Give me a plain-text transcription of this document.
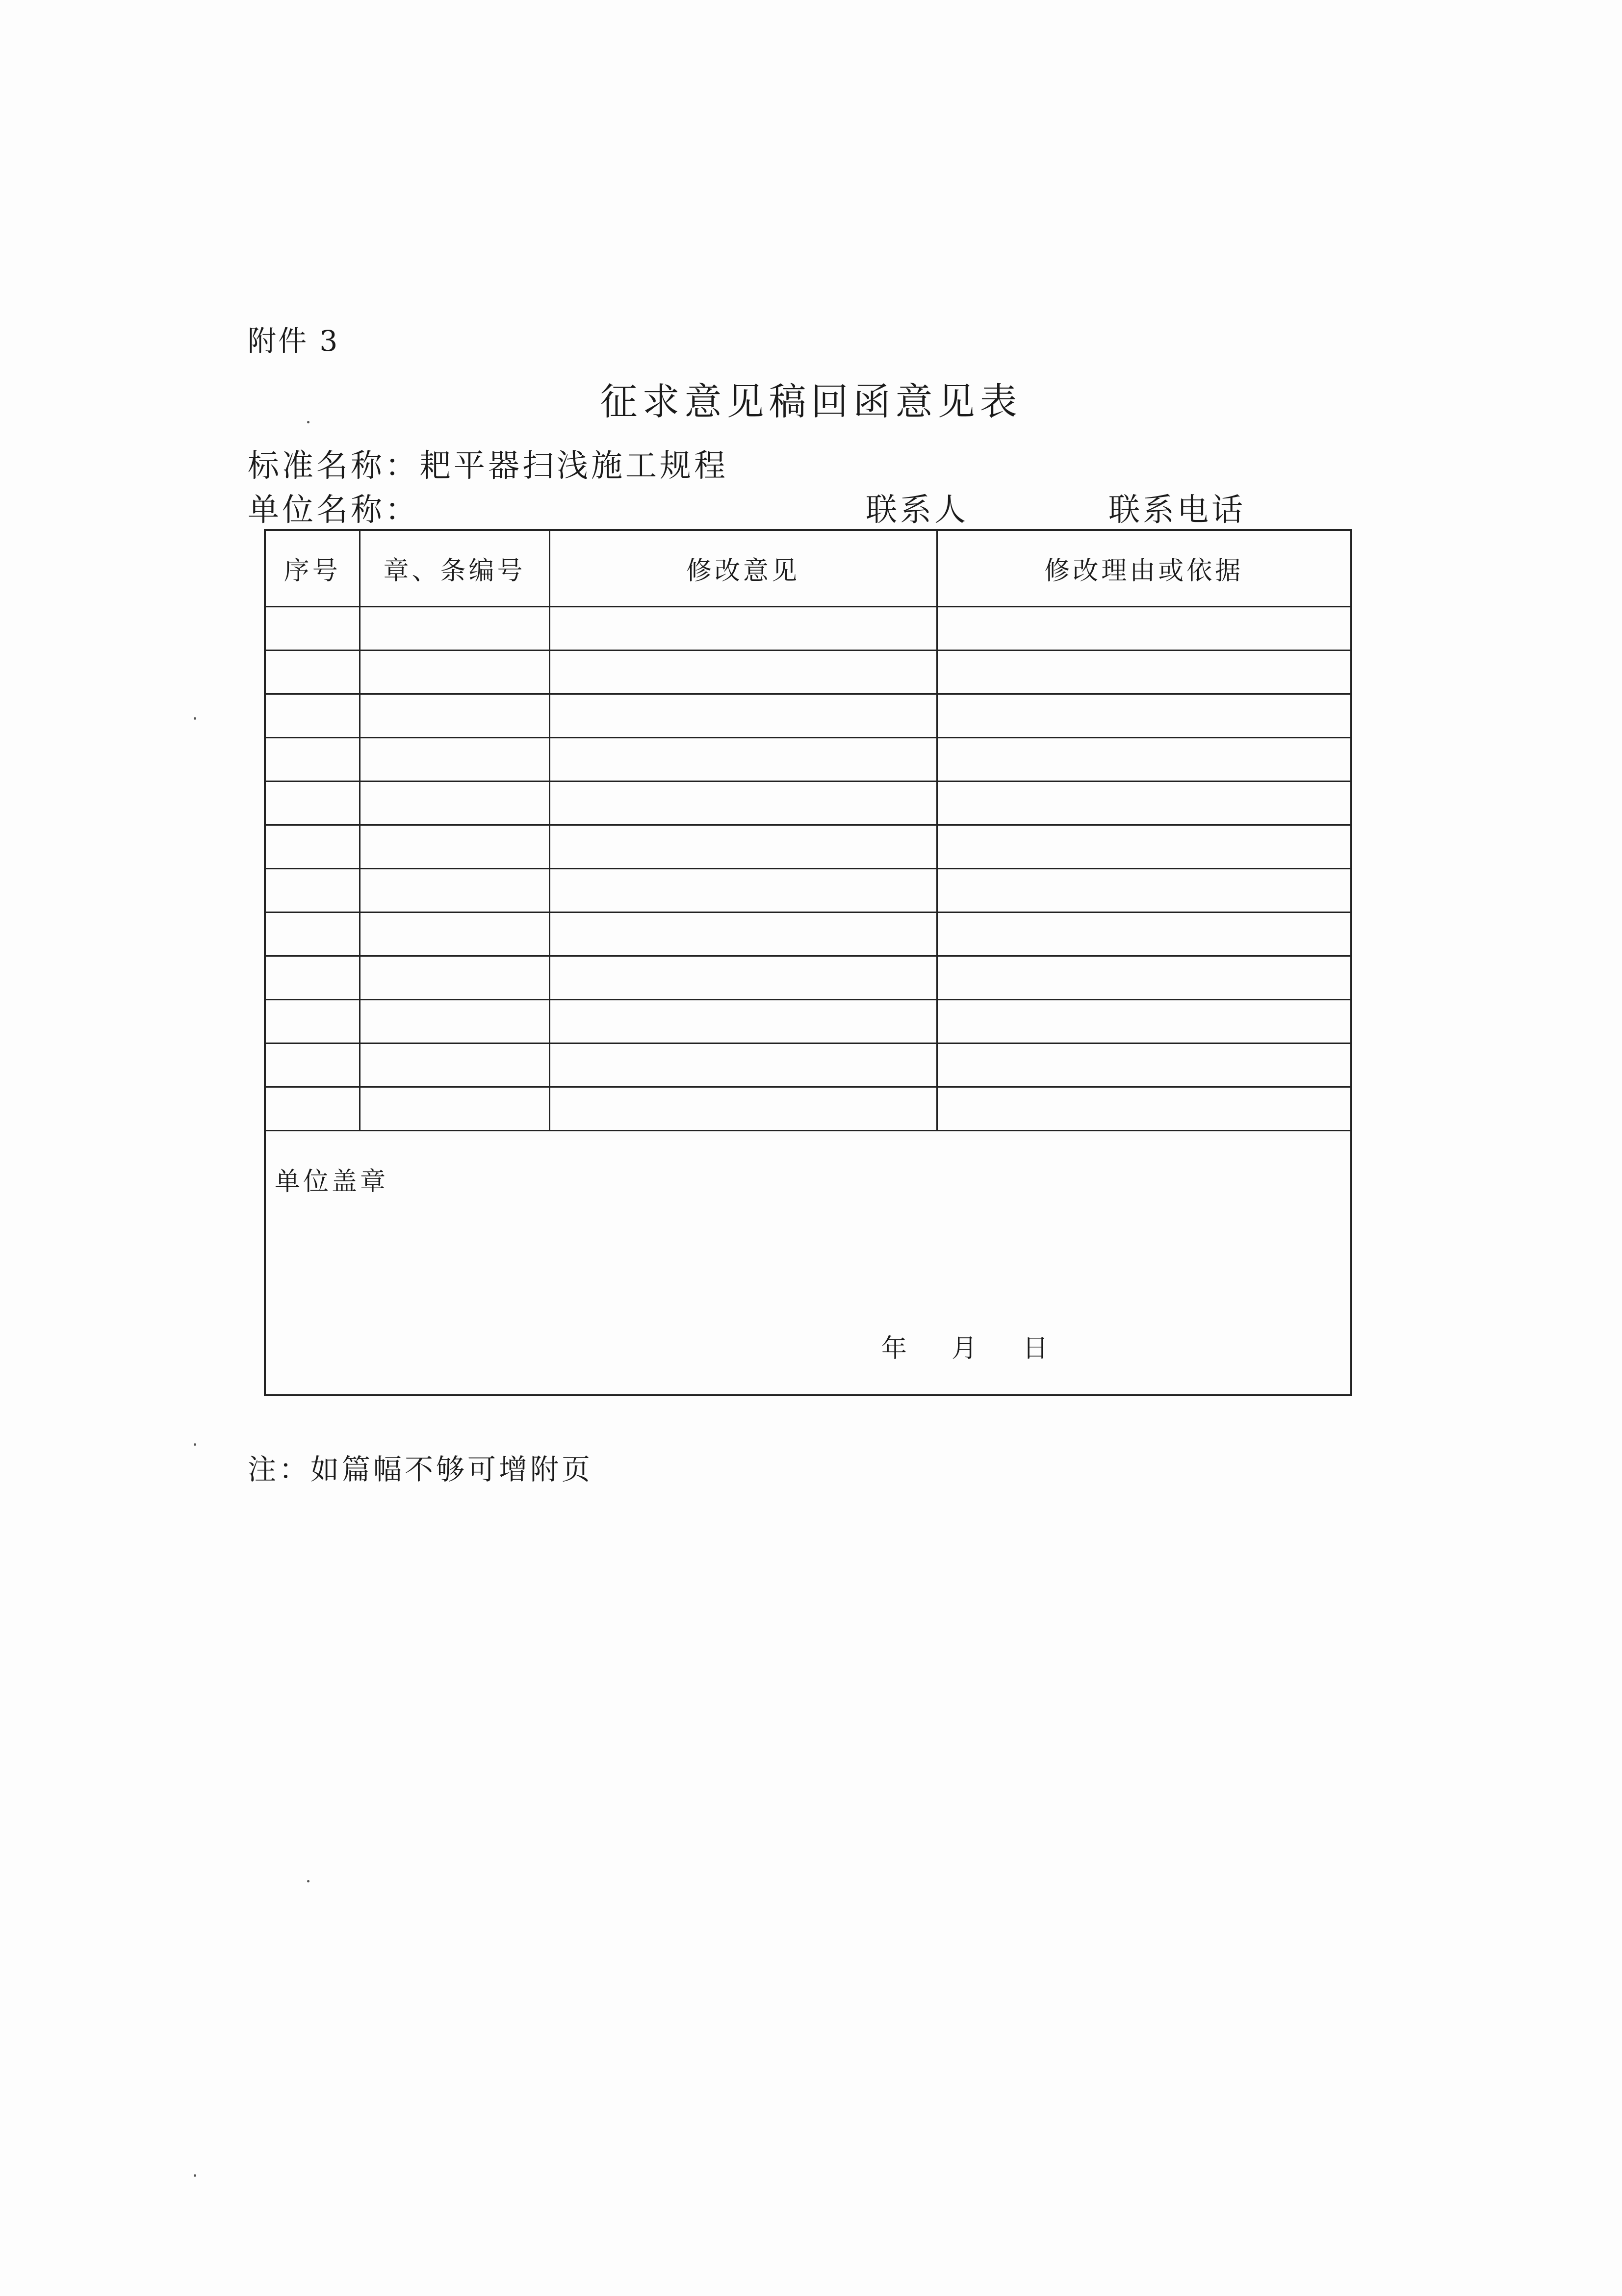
附件 3
征求意见稿回函意见表
标准名称：耙平器扫浅施工规程
单位名称：	联系人	联系电话
序号	章、条编号	修改意见	修改理由或依据

单位盖章
年 月 日			
注：如篇幅不够可增附页
